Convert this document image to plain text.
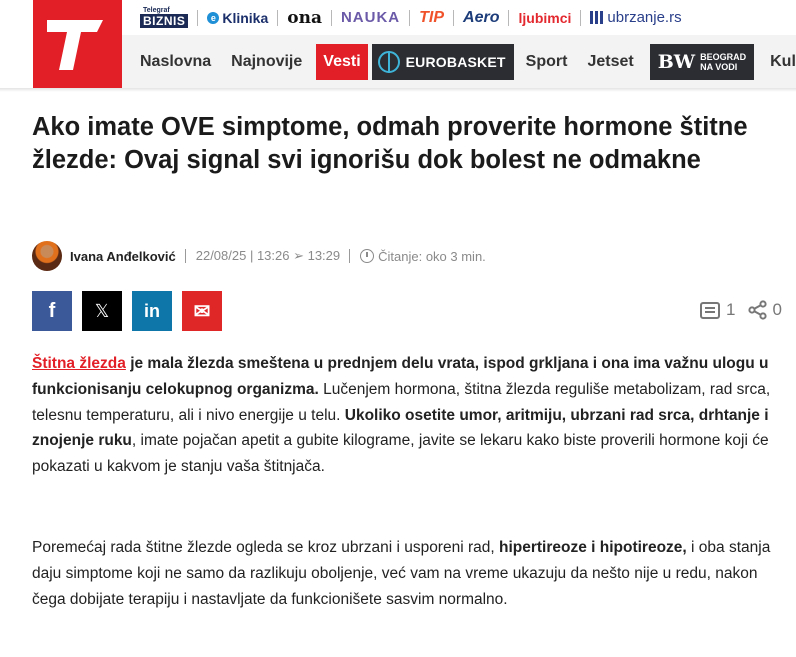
Telegraf
BIZNIS	e Klinika ona NAUKA TIP Aero ljubimci ubrzanje.rs
Naslovna	Najnovije	Vesti	EUROBASKET	Sport	Jetset	BW BEOGRAD
NA VODI	Kul
Ako imate OVE simptome, odmah proverite hormone štitne žlezde: Ovaj signal svi ignorišu dok bolest ne odmakne
Ivana Anđelković 22/08/25 | 13:26 ➢ 13:29	Čitanje: oko 3 min.
f 𝕏 in ✉	1 0

Štitna žlezda je mala žlezda smeštena u prednjem delu vrata, ispod grkljana i ona ima važnu ulogu u funkcionisanju celokupnog organizma. Lučenjem hormona, štitna žlezda reguliše metabolizam, rad srca, telesnu temperaturu, ali i nivo energije u telu. Ukoliko osetite umor, aritmiju, ubrzani rad srca, drhtanje i znojenje ruku, imate pojačan apetit a gubite kilograme, javite se lekaru kako biste proverili hormone koji će pokazati u kakvom je stanju vaša štitnjača.

Poremećaj rada štitne žlezde ogleda se kroz ubrzani i usporeni rad, hipertireoze i hipotireoze, i oba stanja daju simptome koji ne samo da razlikuju oboljenje, već vam na vreme ukazuju da nešto nije u redu, nakon čega dobijate terapiju i nastavljate da funkcionišete sasvim normalno.
